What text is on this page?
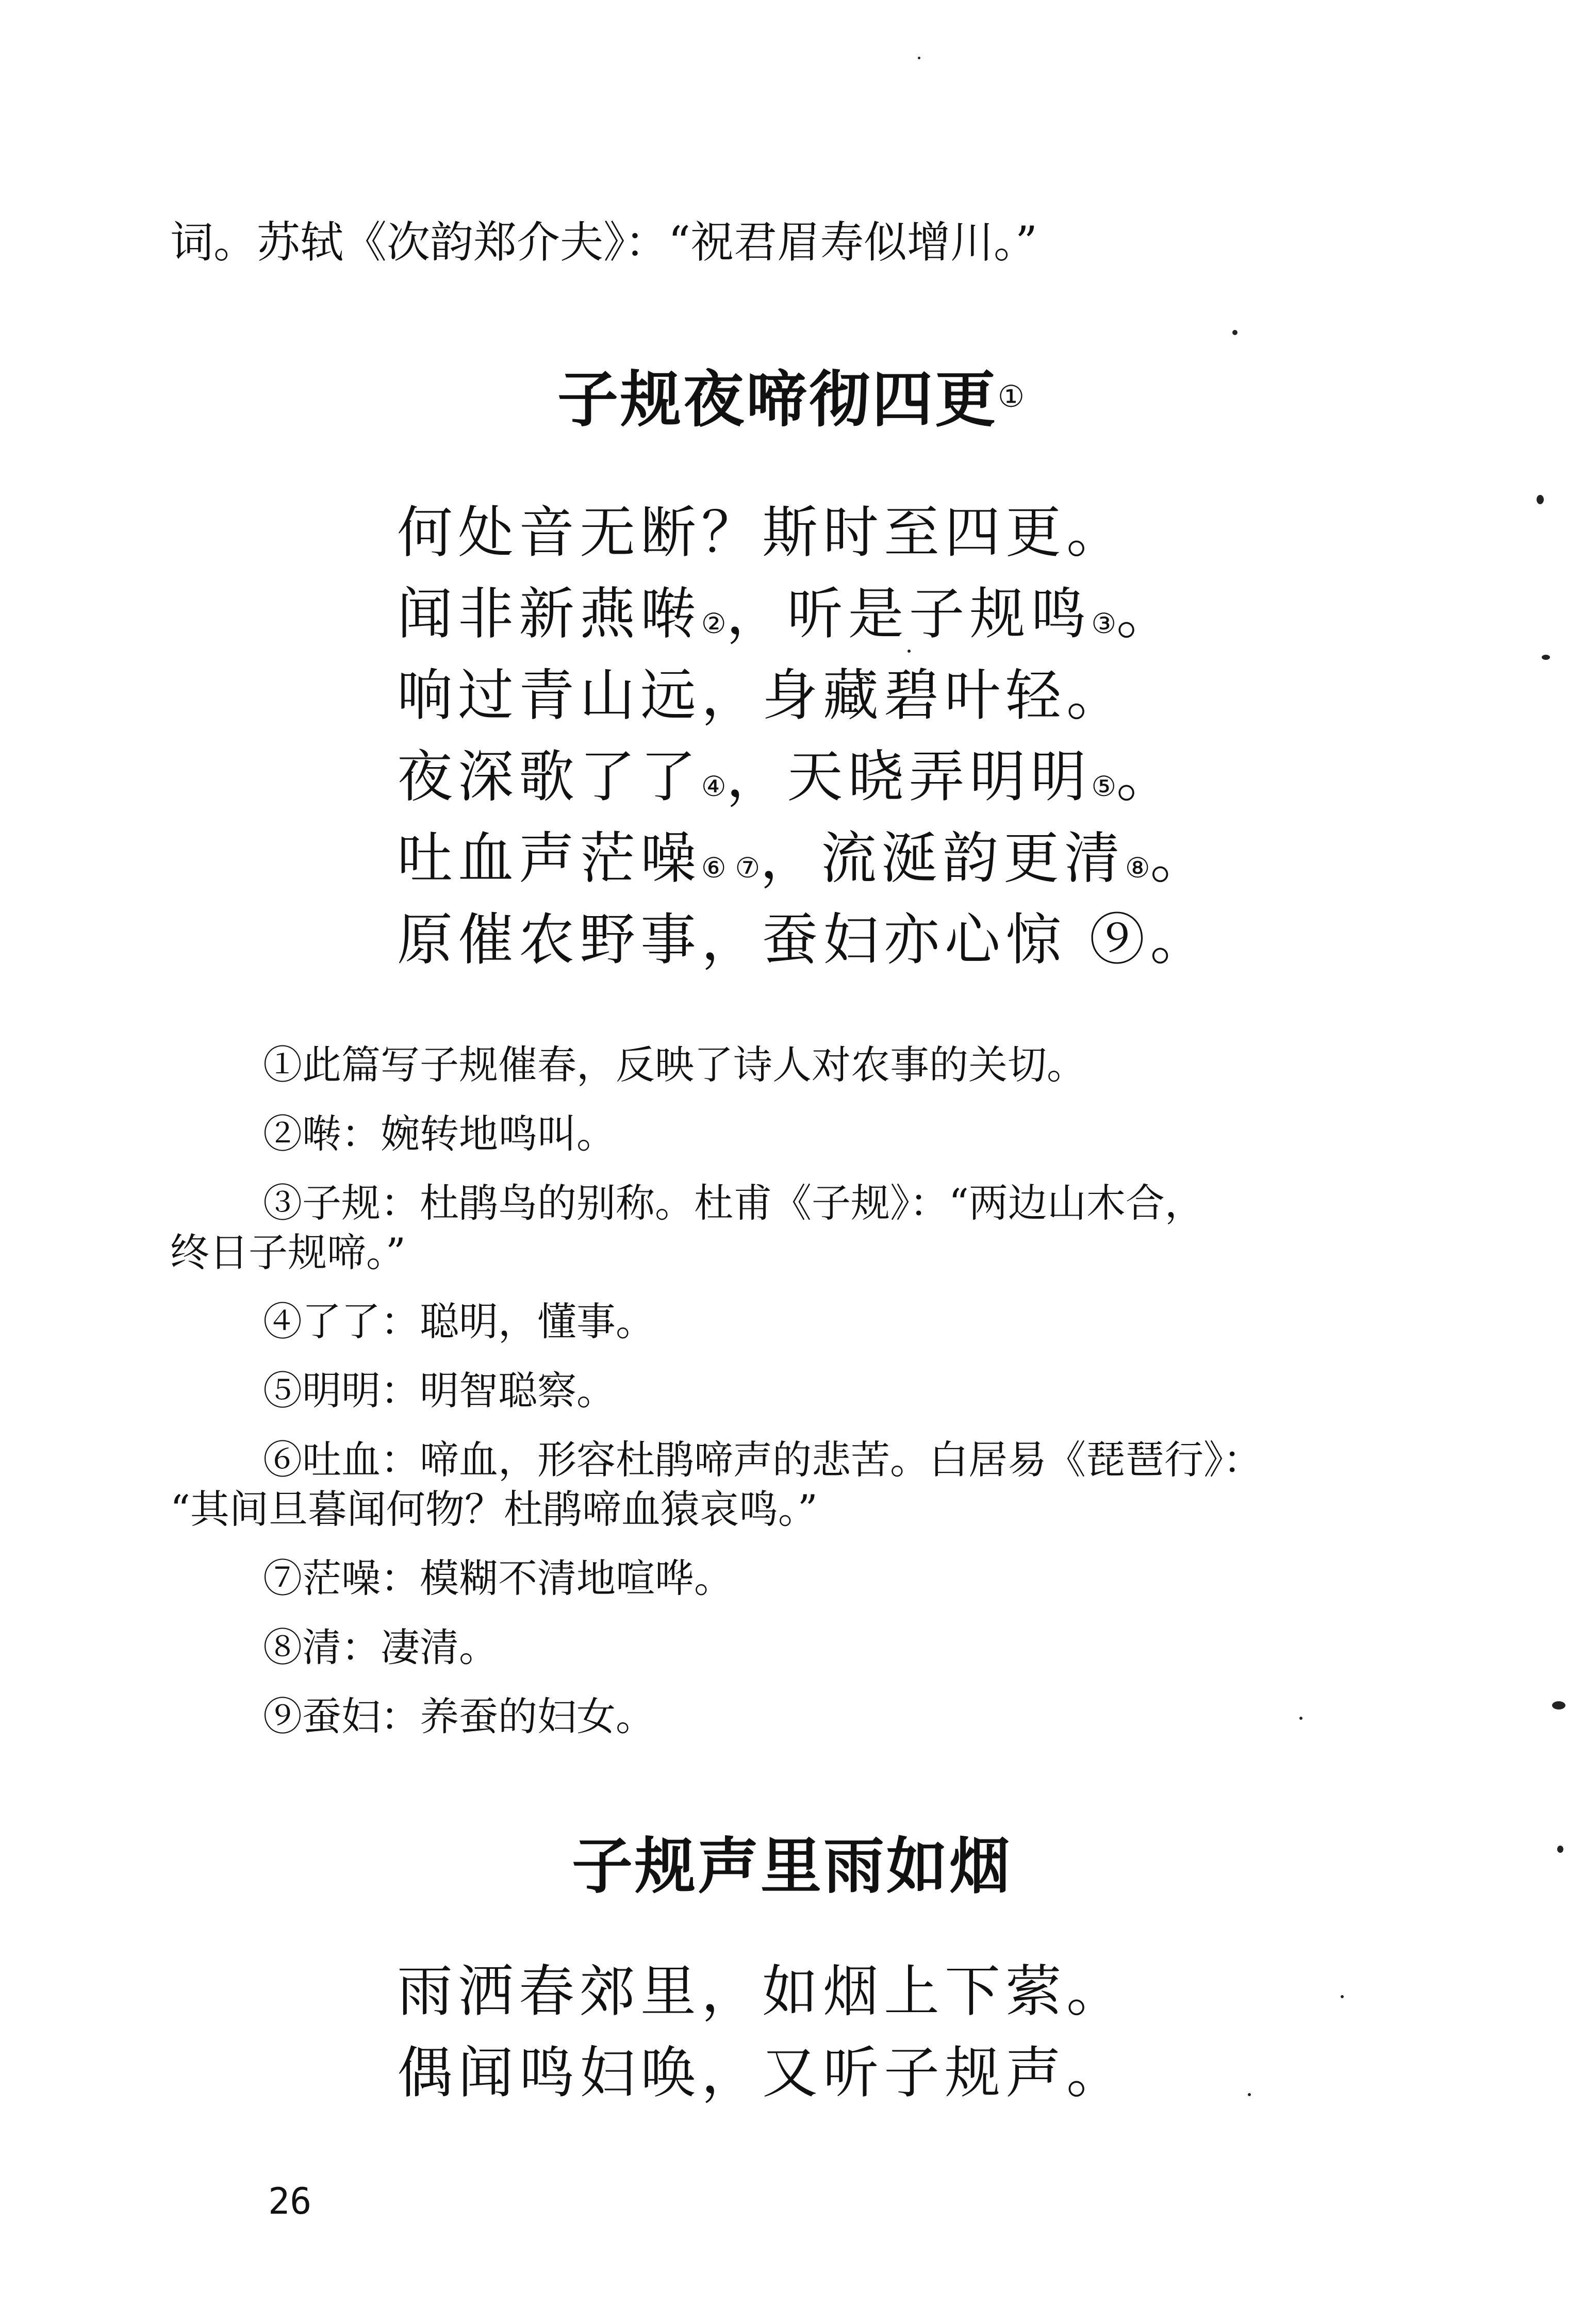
词。苏轼《次韵郑介夫》：“祝君眉寿似增川。”
子规夜啼彻四更①
何处音无断？斯时至四更。
闻非新燕啭②，听是子规鸣③。
响过青山远，身藏碧叶轻。
夜深歌了了④，天晓弄明明⑤。
吐血声茫噪⑥ ⑦，流涎韵更清⑧。
原催农野事，蚕妇亦心惊 ⑨。
①此篇写子规催春，反映了诗人对农事的关切。
②啭：婉转地鸣叫。
③子规：杜鹃鸟的别称。杜甫《子规》：“两边山木合，
终日子规啼。”
④了了：聪明，懂事。
⑤明明：明智聪察。
⑥吐血：啼血，形容杜鹃啼声的悲苦。白居易《琵琶行》：
“其间旦暮闻何物？杜鹃啼血猿哀鸣。”
⑦茫噪：模糊不清地喧哗。
⑧清：凄清。
⑨蚕妇：养蚕的妇女。
子规声里雨如烟
雨洒春郊里，如烟上下萦。
偶闻鸣妇唤，又听子规声。
26
